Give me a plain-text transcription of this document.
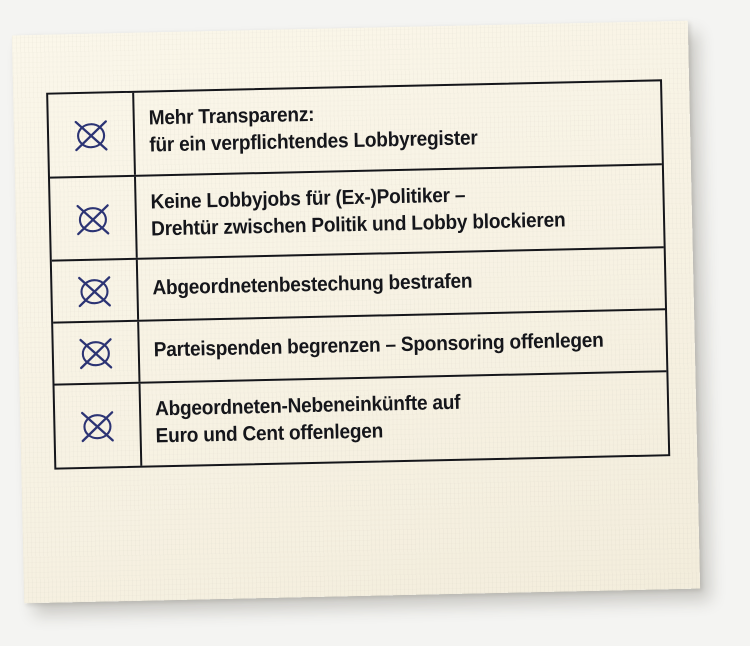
Mehr Transparenz:
für ein verpflichtendes Lobbyregister
Keine Lobbyjobs für (Ex-)Politiker –
Drehtür zwischen Politik und Lobby blockieren
Abgeordnetenbestechung bestrafen
Parteispenden begrenzen – Sponsoring offenlegen
Abgeordneten-Nebeneinkünfte auf
Euro und Cent offenlegen
